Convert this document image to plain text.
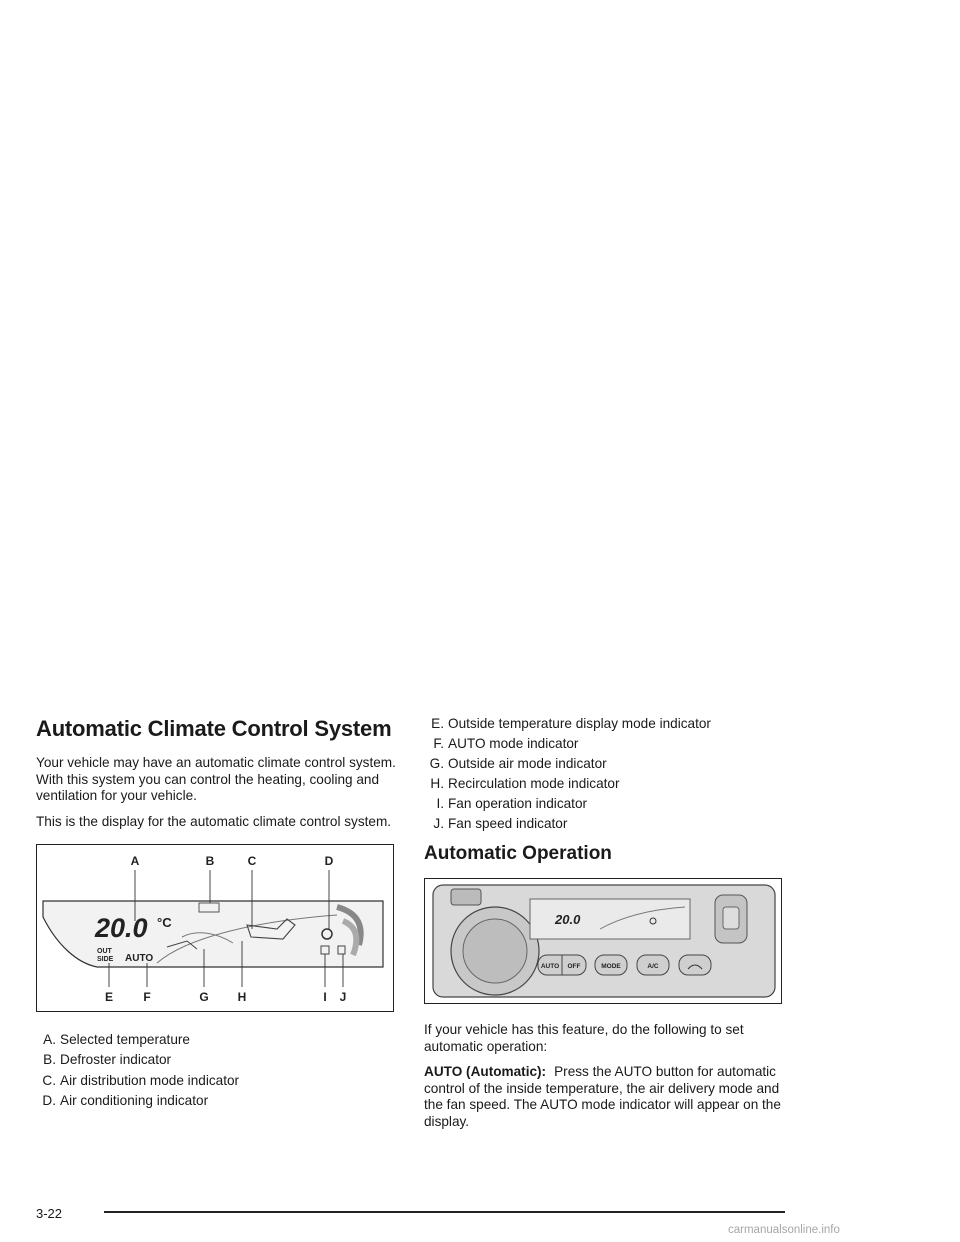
Automatic Climate Control System

Your vehicle may have an automatic climate control system. With this system you can control the heating, cooling and ventilation for your vehicle.

This is the display for the automatic climate control system.

20.0 °C
OUT
SIDE AUTO
A	B	C	D
E	F	G H	I J
A. Selected temperature
B. Defroster indicator
C. Air distribution mode indicator
D. Air conditioning indicator
E. Outside temperature display mode indicator
F. AUTO mode indicator
G. Outside air mode indicator
H. Recirculation mode indicator
I. Fan operation indicator
J. Fan speed indicator
Automatic Operation
20.0
AUTO OFF	MODE	A/C

If your vehicle has this feature, do the following to set automatic operation:

AUTO (Automatic): Press the AUTO button for automatic control of the inside temperature, the air delivery mode and the fan speed. The AUTO mode indicator will appear on the display.

3-22
carmanualsonline.info
